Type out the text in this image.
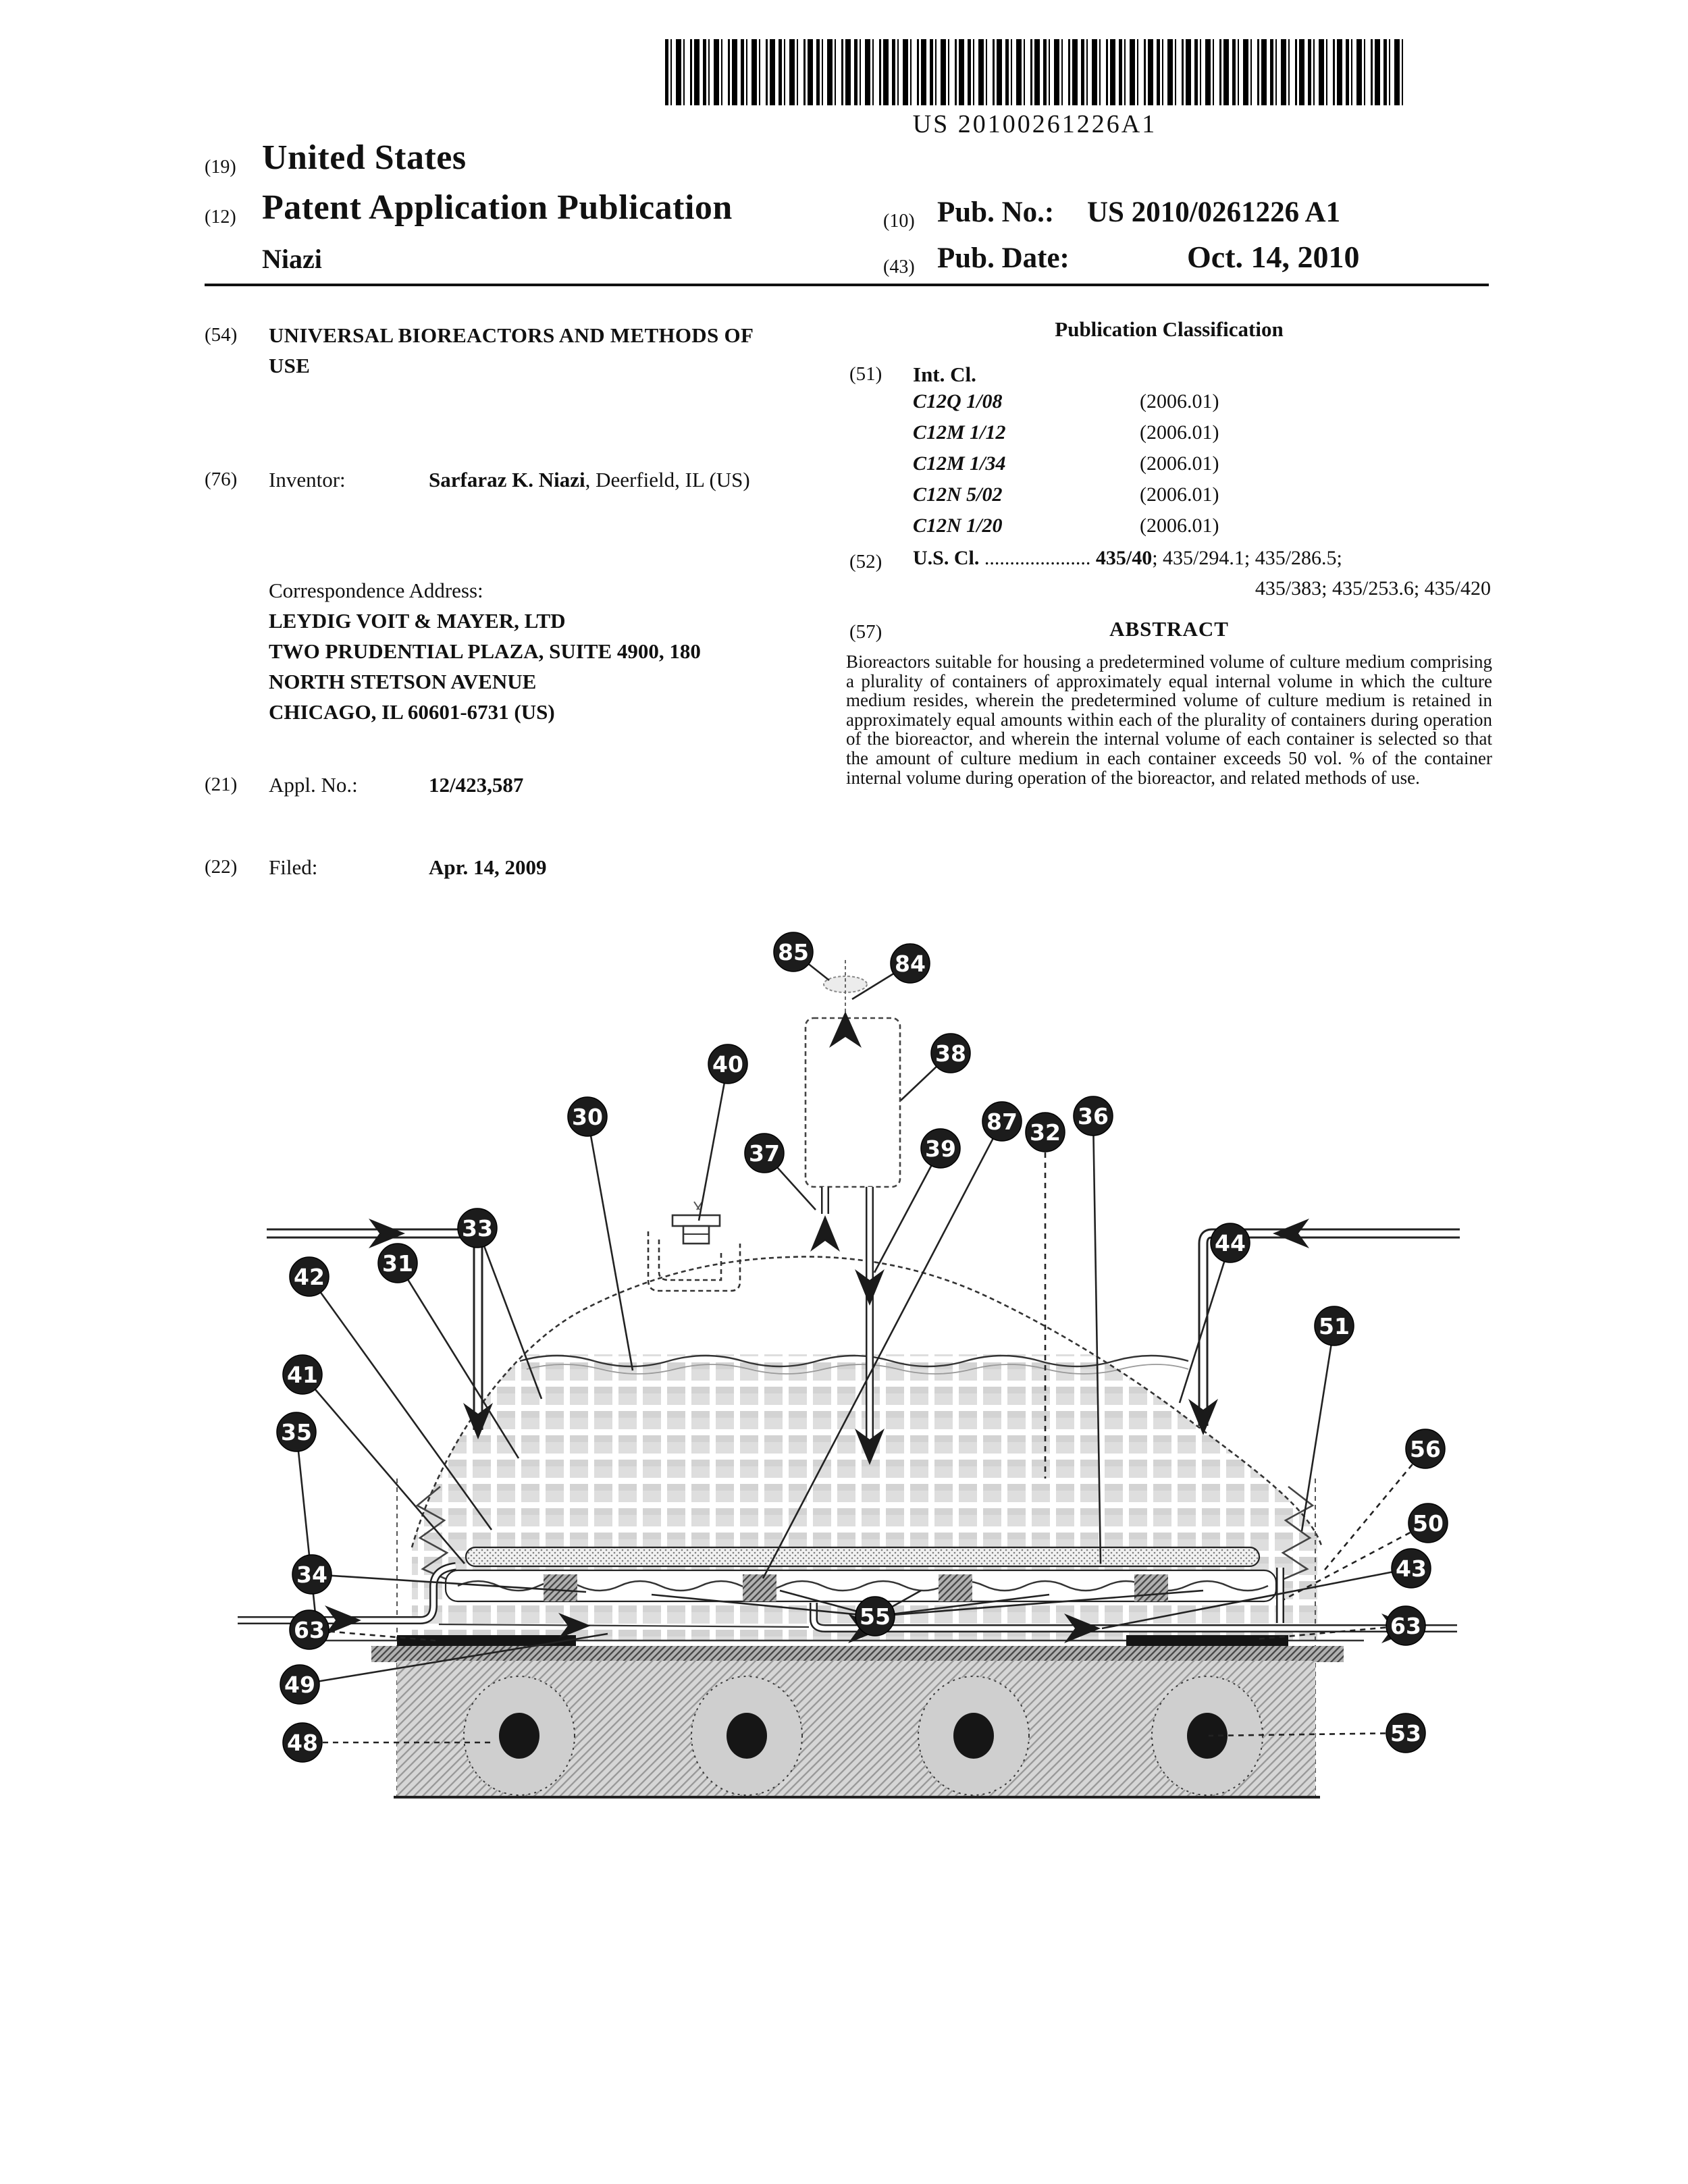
US 20100261226A1
(19) United States
(12) Patent Application Publication	(10) Pub. No.: US 2010/0261226 A1
Niazi	(43) Pub. Date:	Oct. 14, 2010
(54) UNIVERSAL BIOREACTORS AND METHODS OF USE
(76) Inventor:	Sarfaraz K. Niazi, Deerfield, IL (US)
Correspondence Address:
LEYDIG VOIT & MAYER, LTD
TWO PRUDENTIAL PLAZA, SUITE 4900, 180
NORTH STETSON AVENUE
CHICAGO, IL 60601-6731 (US)
(21) Appl. No.:	12/423,587
(22) Filed:	Apr. 14, 2009
Publication Classification
(51) Int. Cl.
C12Q 1/08	(2006.01)
C12M 1/12	(2006.01)
C12M 1/34	(2006.01)
C12N 5/02	(2006.01)
C12N 1/20	(2006.01)
(52) U.S. Cl. ..................... 435/40; 435/294.1; 435/286.5;
435/383; 435/253.6; 435/420
(57)	ABSTRACT
Bioreactors suitable for housing a predetermined volume of culture medium comprising a plurality of containers of approximately equal internal volume in which the culture medium resides, wherein the predetermined volume of culture medium is retained in approximately equal amounts within each of the plurality of containers during operation of the bioreactor, and wherein the internal volume of each container is selected so that the amount of culture medium in each container exceeds 50 vol. % of the container internal volume during operation of the bioreactor, and related methods of use.
30
40
85	84
38
39
87 32
36
37
33
44
31
42
51
41
35
56
50
34	43
55
63	63
49
48	53
